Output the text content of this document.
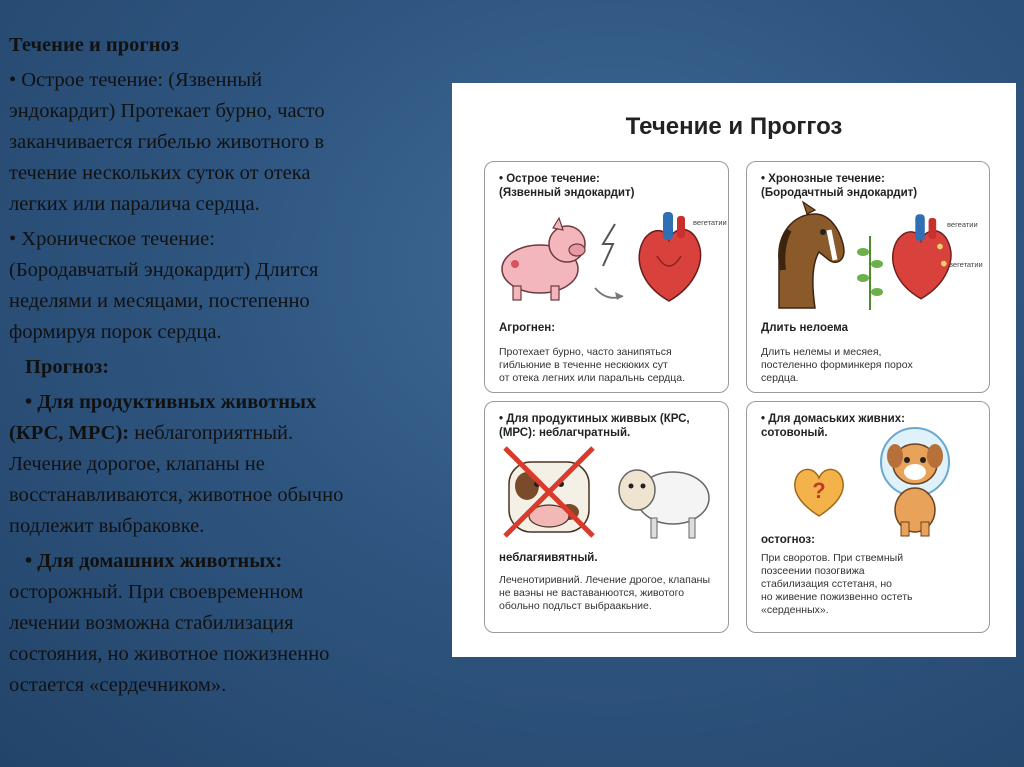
Течение и прогноз

• Острое течение: (Язвенный

эндокардит) Протекает бурно, часто

заканчивается гибелью животного в

течение нескольких суток от отека

легких или паралича сердца.

• Хроническое течение:

(Бородавчатый эндокардит) Длится

неделями и месяцами, постепенно

формируя порок сердца.

Прогноз:

• Для продуктивных животных

(КРС, МРС): неблагоприятный.

Лечение дорогое, клапаны не

восстанавливаются, животное обычно

подлежит выбраковке.

• Для домашних животных:

осторожный. При своевременном

лечении возможна стабилизация

состояния, но животное пожизненно

остается «сердечником».

Течение и Проггоз
• Острое течение:
(Язвенный эндокардит)
вегетатии
Агрогнен:
Протехает бурно, часто занипяться
гибльюние в теченне нескюких сут
от отека легних или паральнь сердца.
• Хронозные течение:
(Бородачтный эндокардит)
вегеатии
вегетатии
Длить нелоема
Длить нелемы и месяея,
постеленно форминкеря порох
сердца.
• Для продуктиных живвых (КРС,
(МРС): неблагчратный.
неблагяивятный.
Леченотиривний. Лечение дрогое, клапаны
не ваэны не ваставанюотся, животого
обольно подльст выбраакьние.
• Для домаських живних:
сотовоный.
?
остогноз:
При своротов. При ствемный
позсеении позогвижа
стабилизация сстетаня, но
но живение пожизвенно остеть
«серденных».
